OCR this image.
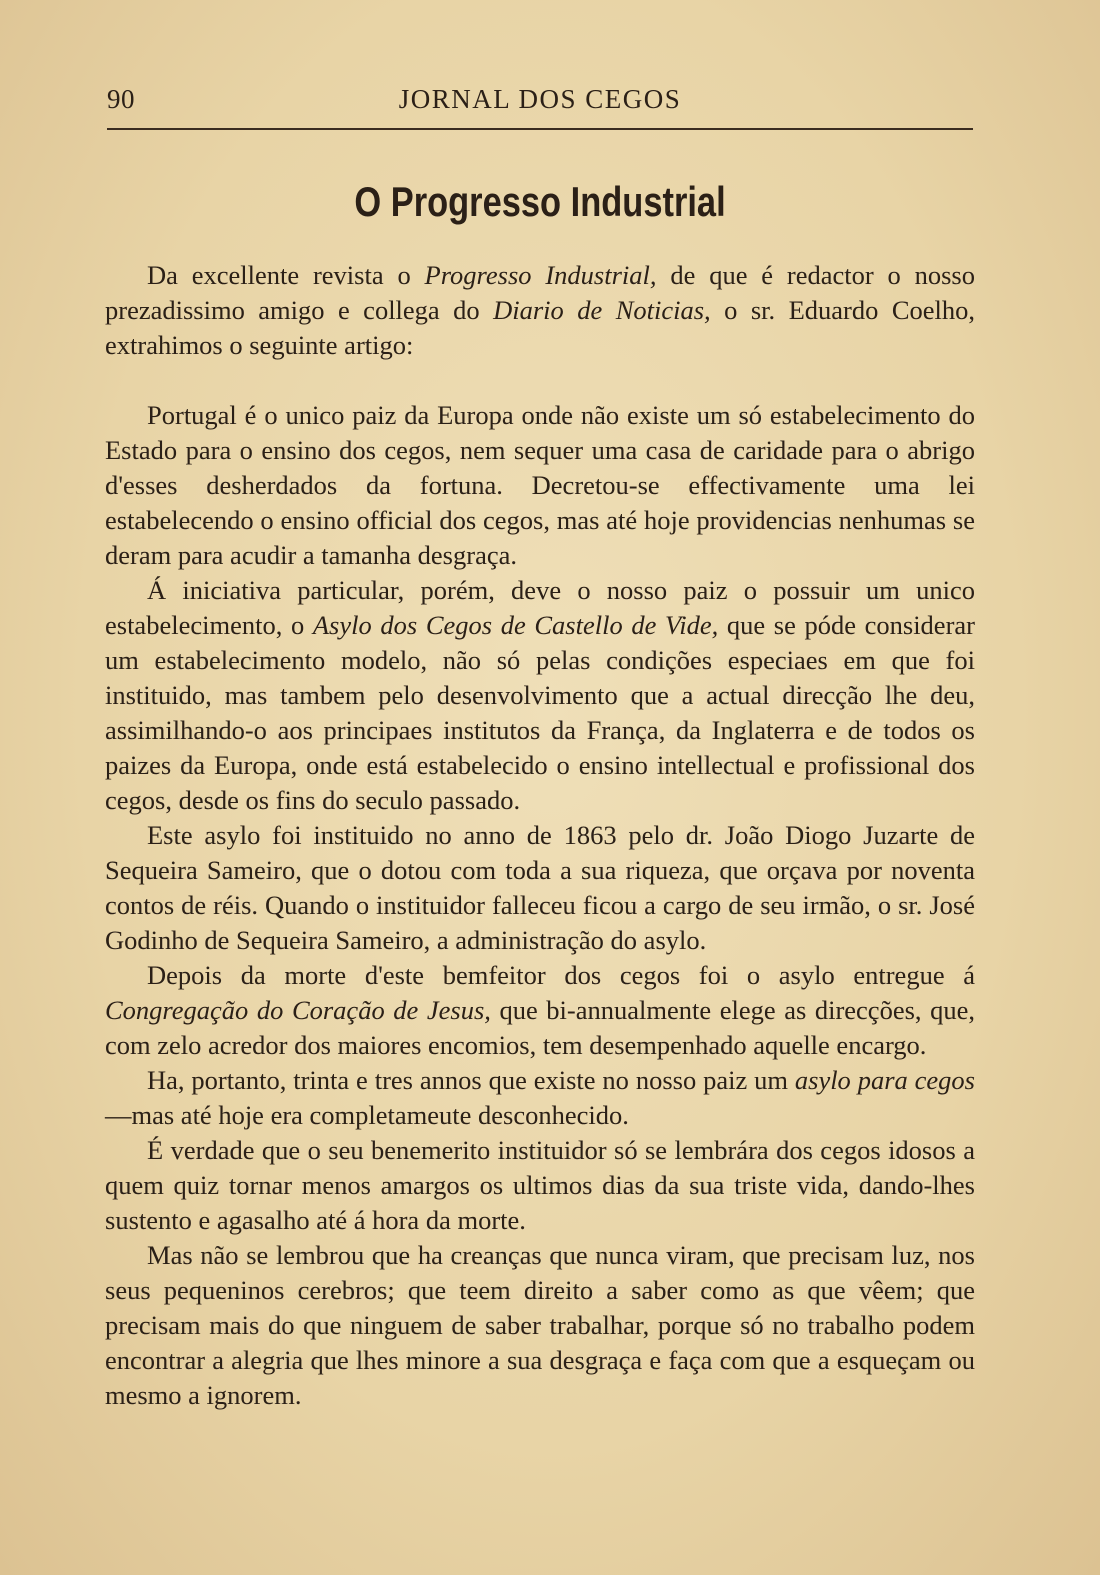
90	JORNAL DOS CEGOS
O Progresso Industrial

Da excellente revista o Progresso Industrial, de que é redactor o nosso prezadissimo amigo e collega do Diario de Noticias, o sr. Eduardo Coelho, extrahimos o seguinte artigo:

Portugal é o unico paiz da Europa onde não existe um só estabelecimento do Estado para o ensino dos cegos, nem sequer uma casa de caridade para o abrigo d'esses desherdados da fortuna. Decretou-se effectivamente uma lei estabelecendo o ensino official dos cegos, mas até hoje providencias nenhumas se deram para acudir a tamanha desgraça.

Á iniciativa particular, porém, deve o nosso paiz o possuir um unico estabelecimento, o Asylo dos Cegos de Castello de Vide, que se póde considerar um estabelecimento modelo, não só pelas condições especiaes em que foi instituido, mas tambem pelo desenvolvimento que a actual direcção lhe deu, assimilhando-o aos principaes institutos da França, da Inglaterra e de todos os paizes da Europa, onde está estabelecido o ensino intellectual e profissional dos cegos, desde os fins do seculo passado.

Este asylo foi instituido no anno de 1863 pelo dr. João Diogo Juzarte de Sequeira Sameiro, que o dotou com toda a sua riqueza, que orçava por noventa contos de réis. Quando o instituidor falleceu ficou a cargo de seu irmão, o sr. José Godinho de Sequeira Sameiro, a administração do asylo.

Depois da morte d'este bemfeitor dos cegos foi o asylo entregue á Congregação do Coração de Jesus, que bi-annualmente elege as direcções, que, com zelo acredor dos maiores encomios, tem desempenhado aquelle encargo.

Ha, portanto, trinta e tres annos que existe no nosso paiz um asylo para cegos—mas até hoje era completameute desconhecido.

É verdade que o seu benemerito instituidor só se lembrára dos cegos idosos a quem quiz tornar menos amargos os ultimos dias da sua triste vida, dando-lhes sustento e agasalho até á hora da morte.

Mas não se lembrou que ha creanças que nunca viram, que precisam luz, nos seus pequeninos cerebros; que teem direito a saber como as que vêem; que precisam mais do que ninguem de saber trabalhar, porque só no trabalho podem encontrar a alegria que lhes minore a sua desgraça e faça com que a esqueçam ou mesmo a ignorem.
